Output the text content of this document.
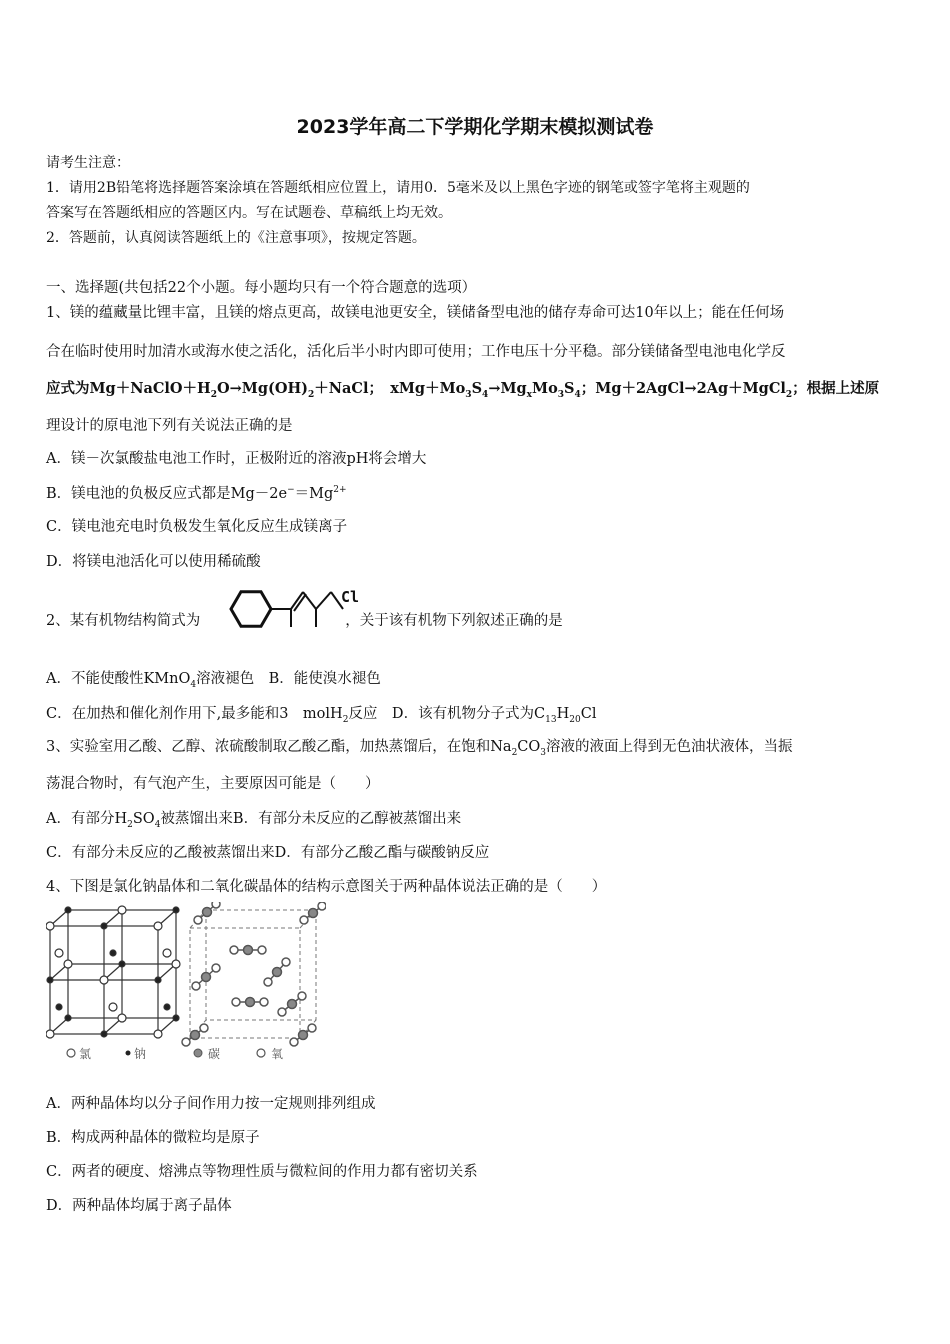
2023学年高二下学期化学期末模拟测试卷
请考生注意：
1．请用2B铅笔将选择题答案涂填在答题纸相应位置上，请用0．5毫米及以上黑色字迹的钢笔或签字笔将主观题的
答案写在答题纸相应的答题区内。写在试题卷、草稿纸上均无效。
2．答题前，认真阅读答题纸上的《注意事项》，按规定答题。
一、选择题(共包括22个小题。每小题均只有一个符合题意的选项）
1、镁的蕴藏量比锂丰富，且镁的熔点更高，故镁电池更安全，镁储备型电池的储存寿命可达10年以上；能在任何场
合在临时使用时加清水或海水使之活化，活化后半小时内即可使用；工作电压十分平稳。部分镁储备型电池电化学反
应式为$Mg+NaClO+H_2O\to Mg(OH)_2+NaCl$；　$xMg+Mo_3S_4\to Mg_xMo_3S_4$；Mg＋2AgCl→2Ag＋MgCl$_2$；根据上述原
理设计的原电池下列有关说法正确的是
A．镁－次氯酸盐电池工作时，正极附近的溶液pH将会增大
B．镁电池的负极反应式都是$Mg-2e^-=Mg^{2+}$
C．镁电池充电时负极发生氧化反应生成镁离子
D．将镁电池活化可以使用稀硫酸
2、某有机物结构简式为	，关于该有机物下列叙述正确的是
Cl
A．不能使酸性KMnO$_4$溶液褪色　B．能使溴水褪色
C．在加热和催化剂作用下,最多能和3　molH$_2$反应　D．该有机物分子式为$C_{13}H_{20}Cl$
3、实验室用乙酸、乙醇、浓硫酸制取乙酸乙酯，加热蒸馏后，在饱和$Na_2CO_3$溶液的液面上得到无色油状液体，当振
荡混合物时，有气泡产生，主要原因可能是（　　）
A．有部分$H_2SO_4$被蒸馏出来B．有部分未反应的乙醇被蒸馏出来
C．有部分未反应的乙酸被蒸馏出来D．有部分乙酸乙酯与碳酸钠反应
4、下图是氯化钠晶体和二氧化碳晶体的结构示意图关于两种晶体说法正确的是（　　）
氯	钠	碳	氧
A．两种晶体均以分子间作用力按一定规则排列组成
B．构成两种晶体的微粒均是原子
C．两者的硬度、熔沸点等物理性质与微粒间的作用力都有密切关系
D．两种晶体均属于离子晶体
